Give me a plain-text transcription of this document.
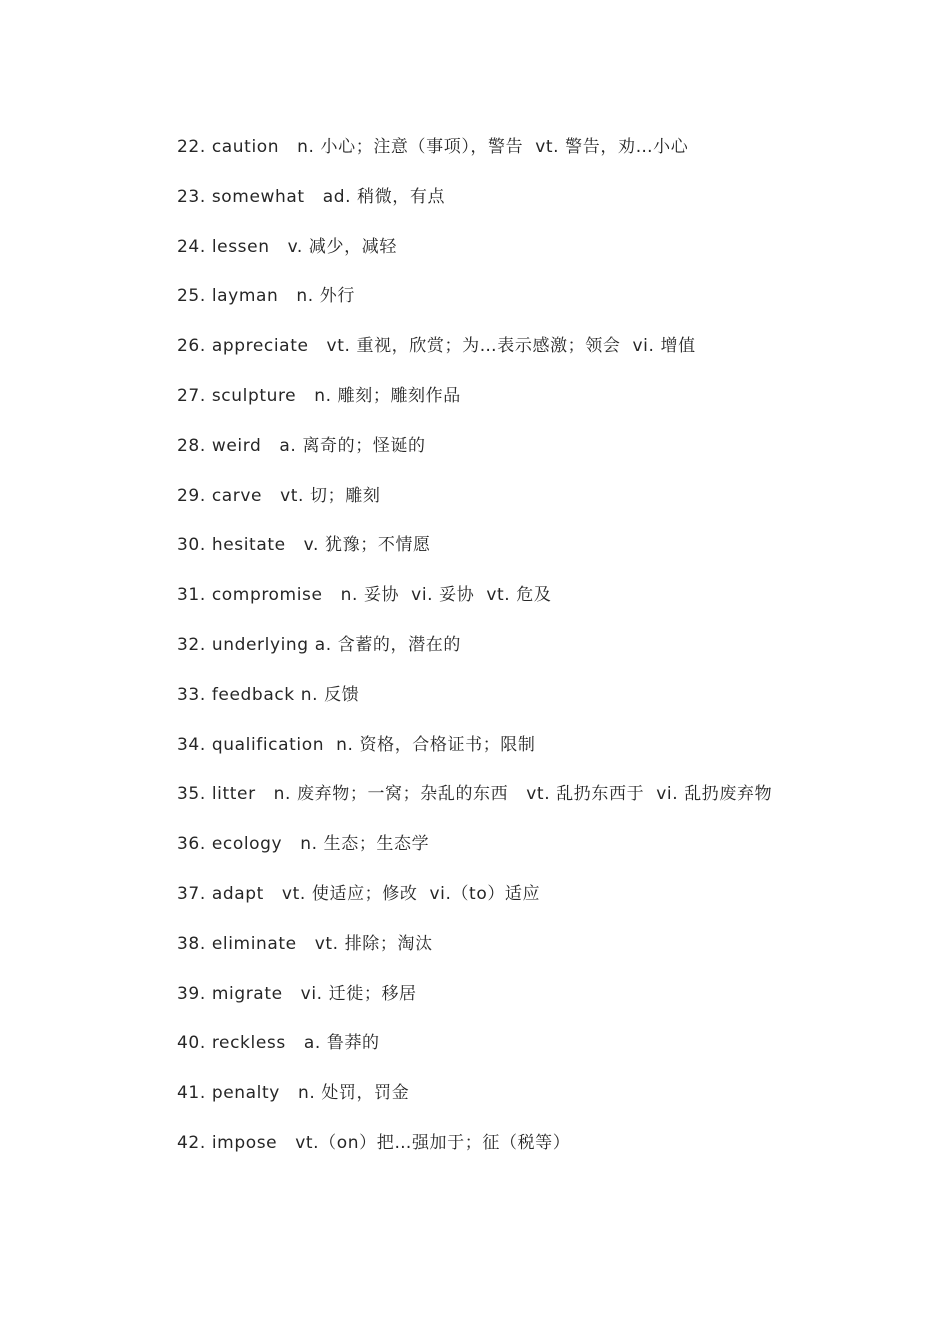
22. caution   n. 小心；注意（事项），警告  vt. 警告，劝…小心
23. somewhat   ad. 稍微，有点
24. lessen   v. 减少，减轻
25. layman   n. 外行
26. appreciate   vt. 重视，欣赏；为…表示感激；领会  vi. 增值
27. sculpture   n. 雕刻；雕刻作品
28. weird   a. 离奇的；怪诞的
29. carve   vt. 切；雕刻
30. hesitate   v. 犹豫；不情愿
31. compromise   n. 妥协  vi. 妥协  vt. 危及
32. underlying a. 含蓄的，潜在的
33. feedback n. 反馈
34. qualification  n. 资格，合格证书；限制
35. litter   n. 废弃物；一窝；杂乱的东西   vt. 乱扔东西于  vi. 乱扔废弃物
36. ecology   n. 生态；生态学
37. adapt   vt. 使适应；修改  vi.（to）适应
38. eliminate   vt. 排除；淘汰
39. migrate   vi. 迁徙；移居
40. reckless   a. 鲁莽的
41. penalty   n. 处罚，罚金
42. impose   vt.（on）把…强加于；征（税等）
